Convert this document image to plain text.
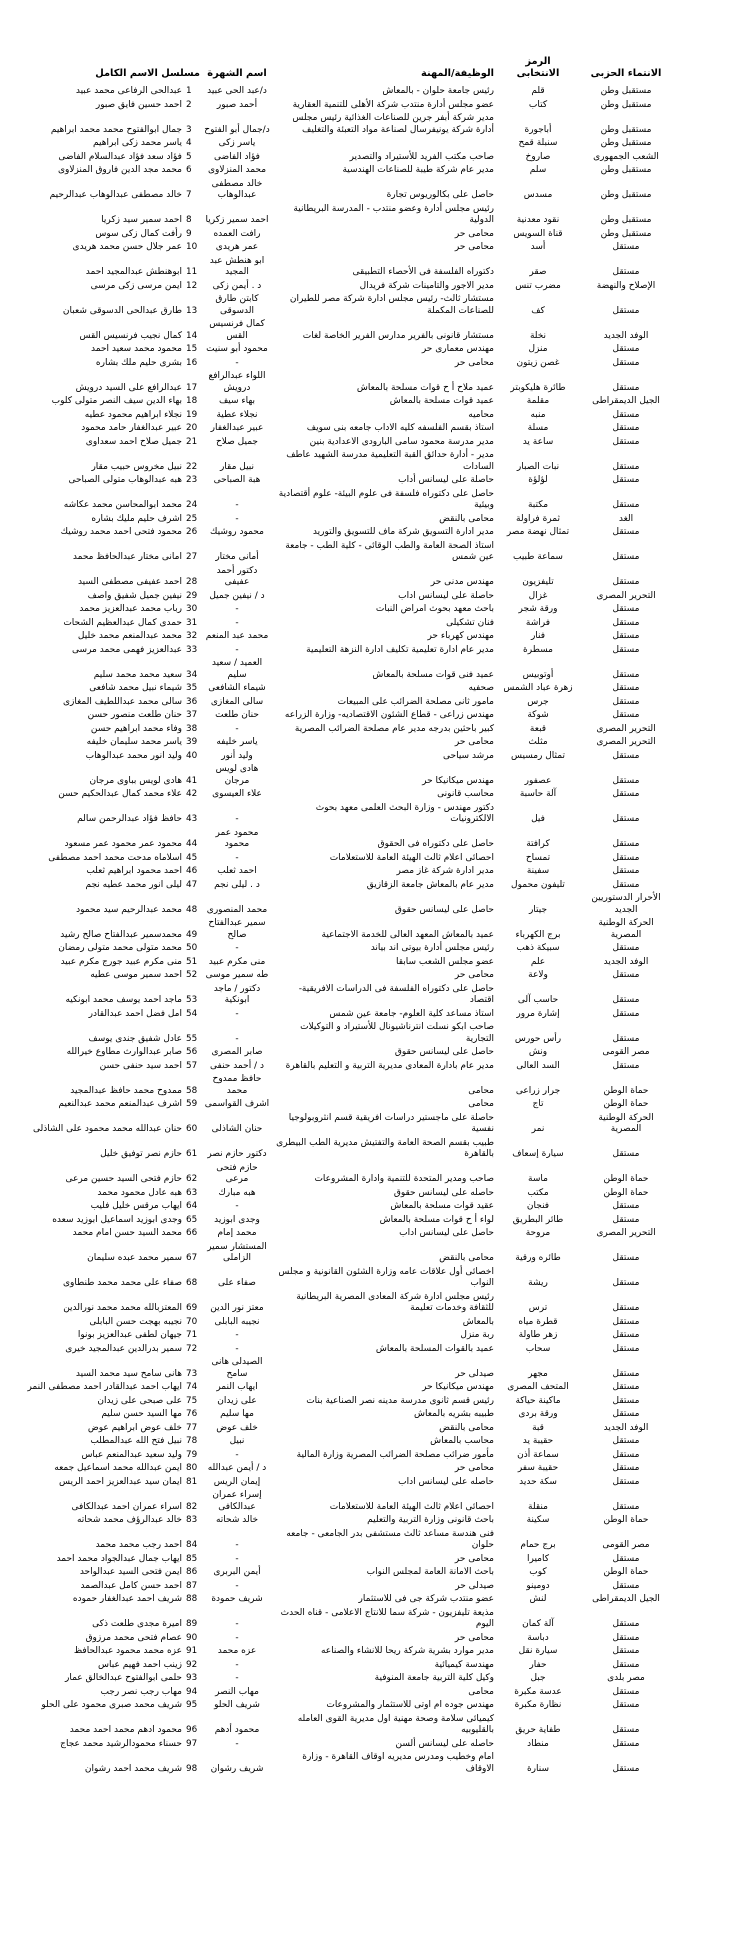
الانتماء الحزبى
الرمز
الانتخابى
الوظيفة/المهنة
اسم الشهرة
مسلسل الاسم الكامل
مستقبل وطن
قلم
رئيس جامعة حلوان - بالمعاش
د/عبد الحى عبيد
1
عبدالحى الرفاعى محمد عبيد
مستقبل وطن
كتاب
عضو مجلس أدارة منتدب شركة الأهلى للتنمية العقارية
أحمد صبور
2
احمد حسين فايق صبور
مستقبل وطن
أباجورة
مدير شركة أبفر جرين للصناعات الغذائية رئيس مجلس أدارة شركة يونيفرسال لصناعة مواد التعبئة والتغليف
د/جمال أبو الفتوح
3
جمال ابوالفتوح محمد محمد ابراهيم
مستقبل وطن
سنبلة قمح
ياسر زكى
4
ياسر محمد زكى ابراهيم
الشعب الجمهورى
صاروخ
صاحب مكتب الفريد للأستيراد والتصدير
فؤاد الفاضى
5
فؤاد سعد فؤاد عبدالسلام الفاضى
مستقبل وطن
سلم
مدير عام شركة طيبة للصناعات الهندسية
محمد المنزلاوى
6
محمد مجد الدين فاروق المنزلاوى
مستقبل وطن
مسدس
حاصل على بكالوريوس تجارة
خالد مصطفى عبدالوهاب
7
خالد مصطفى عبدالوهاب عبدالرحيم
مستقبل وطن
نقود معدنية
رئيس مجلس أدارة وعضو منتدب - المدرسة البريطانية الدولية
احمد سمير زكريا
8
احمد سمير سيد زكريا
مستقبل وطن
قناة السويس
محامى حر
رافت العمده
9
رأفت كمال زكى سوس
مستقل
أسد
محامى حر
عمر هريدى
10
عمر جلال حسن محمد هريدى
مستقل
صقر
دكتوراه الفلسفة فى الأحصاء التطبيقى
ابو هنطش عبد المجيد
11
ابوهنطش عبدالمجيد احمد
الإصلاح والنهضة
مضرب تنس
مدير الاجور والتامينات شركة فريدال
د . أيمن زكى
12
ايمن مرسى زكى مرسى
مستقل
كف
مستشار ثالث- رئيس مجلس ادارة شركة مصر للطيران للصناعات المكملة
كابتن طارق الدسوقى
13
طارق عبدالحى الدسوقى شعبان
الوفد الجديد
نخلة
مستشار قانونى بالفرير مدارس الفرير الخاصة لغات
كمال فرنسيس القس
14
كمال نجيب فرنسيس القس
مستقل
منزل
مهندس معمارى حر
محمود أبو سنيت
15
محمود محمد سعيد احمد
مستقل
غصن زيتون
محامى حر
-
16
بشرى حليم ملك بشاره
مستقل
طائرة هليكوبتر
عميد ملاح أ ح قوات مسلحة بالمعاش
اللواء عبدالرافع درويش
17
عبدالرافع على السيد درويش
الجيل الديمقراطى
مقلمة
عميد قوات مسلحة بالمعاش
بهاء سيف
18
بهاء الدين سيف النصر متولى كلوب
مستقل
منبه
محاميه
نجلاء عطية
19
نجلاء ابراهيم محمود عطيه
مستقل
مسلة
استاذ بقسم الفلسفه كليه الاداب جامعه بنى سويف
عبير عبدالغفار
20
عبير عبدالغفار حامد محمود
مستقل
ساعة يد
مدير مدرسة محمود سامى البارودى الاعدادية بنين
جميل صلاح
21
جميل صلاح احمد سعداوى
مستقل
نبات الصبار
مدير - أدارة حدائق القبة التعليمية مدرسة الشهيد عاطف السادات
نبيل مقار
22
نبيل مخروس حبيب مقار
مستقل
لؤلؤة
حاصلة على ليسانس أداب
هبة الصباحى
23
هبه عبدالوهاب متولى الصباحى
مستقل
مكتبة
حاصل على دكتوراه فلسفة فى علوم البيئة- علوم أقتصادية وبيئية
-
24
محمد ابوالمحاسن محمد عكاشه
الغد
ثمرة فراولة
محامى بالنقض
-
25
اشرف حليم مليك بشاره
مستقل
تمثال نهضة مصر
مدير ادارة التسويق شركة ماف للتسويق والتوريد
محمود روشيك
26
محمود فتحى احمد محمد روشيك
مستقل
سماعة طبيب
استاذ الصحة العامة والطب الوقائى - كلية الطب - جامعة عين شمس
أمانى مختار
27
امانى مختار عبدالحافظ محمد
مستقل
تليفزيون
مهندس مدنى حر
دكتور أحمد عفيفى
28
احمد عفيفى مصطفى السيد
التحرير المصرى
غزال
حاصلة على ليسانس اداب
د / نيفين جميل
29
نيفين جميل شفيق واصف
مستقل
ورقة شجر
باحث معهد بحوث امراض النبات
-
30
رباب محمد عبدالعزيز محمد
مستقل
فراشة
فنان تشكيلى
-
31
حمدى كمال عبدالعظيم الشحات
مستقل
فنار
مهندس كهرباء حر
محمد عبد المنعم
32
محمد عبدالمنعم محمد خليل
مستقل
مسطرة
مدير عام ادارة تعليمية تكليف ادارة النزهة التعليمية
-
33
عبدالعزيز فهمى محمد مرسى
مستقل
أوتوبيس
عميد فنى قوات مسلحة بالمعاش
العميد / سعيد سليم
34
سعيد محمد محمد سليم
مستقل
زهرة عباد الشمس
صحفيه
شيماء الشافعى
35
شيماء نبيل محمد شافعى
مستقل
جرس
مامور ثانى مصلحة الضرائب على المبيعات
سالى المغازى
36
سالى محمد عبداللطيف المغازى
مستقل
شوكة
مهندس زراعى - قطاع الشئون الاقتصاديه- وزارة الزراعه
حنان طلعت
37
حنان طلعت منصور حسن
التحرير المصرى
قبعة
كبير باحثين بدرجه مدير عام مصلحة الضرائب المصرية
-
38
وفاء محمد ابراهيم حسن
التحرير المصرى
مثلث
محامى حر
ياسر خليفه
39
ياسر محمد سليمان خليفه
مستقل
تمثال رمسيس
مرشد سياحى
وليد أنور
40
وليد انور محمد عبدالوهاب
مستقل
عصفور
مهندس ميكانيكا حر
هادى لويس مرجان
41
هادى لويس بباوى مرجان
مستقل
آلة حاسبة
محاسب قانونى
علاء العيسوى
42
علاء محمد كمال عبدالحكيم حسن
مستقل
فيل
دكتور مهندس - وزارة البحث العلمى معهد بحوث الالكترونيات
-
43
حافظ فؤاد عبدالرحمن سالم
مستقل
كرافتة
حاصل على دكتوراه فى الحقوق
محمود عمر محمود
44
محمود عمر محمود عمر مسعود
مستقل
تمساح
احصائى اعلام ثالث الهيئة العامة للاستعلامات
-
45
اسلاماه مدحت محمد احمد مصطفى
مستقل
سفينة
مدير ادارة شركة غاز مصر
احمد ثعلب
46
احمد محمود ابراهيم ثعلب
مستقل
تليفون محمول
مدير عام بالمعاش جامعة الزقازيق
د . ليلى نجم
47
ليلى انور محمد عطيه نجم
الأحرار الدستوريين الجديد
جيتار
حاصل على ليسانس حقوق
محمد المنصورى
48
محمد عبدالرحيم سيد محمود
الحركة الوطنية المصرية
برج الكهرباء
عميد بالمعاش المعهد العالى للخدمة الاجتماعية
سمير عبدالفتاح صالح
49
محمدسمير عبدالفتاح صالح رشيد
مستقل
سبيكة ذهب
رئيس مجلس أدارة بيوتى اند بياند
-
50
محمد متولى محمد متولى رمضان
الوفد الجديد
علم
عضو مجلس الشعب سابقا
منى مكرم عبيد
51
منى مكرم عبيد جورج مكرم عبيد
مستقل
ولاعة
محامى حر
طه سمير موسى
52
احمد سمير موسى عطيه
مستقل
حاسب آلى
حاصل على دكتوراه الفلسفة فى الدراسات الافريقية- اقتصاد
دكتور / ماجد ابونكية
53
ماجد احمد يوسف محمد ابونكيه
مستقل
إشارة مرور
استاذ مساعد كلية العلوم- جامعة عين شمس
-
54
امل فضل احمد عبدالقادر
مستقل
رأس حورس
صاحب ابكو نسلت انترناشيونال للأستيراد و التوكيلات التجارية
-
55
عادل شفيق جندى يوسف
مصر القومى
ونش
حاصل على ليسانس حقوق
صابر المصرى
56
صابر عبدالوارث مطاوع خيرالله
مستقل
السد العالى
مدير عام بادارة المعادى مديرية التربية و التعليم بالقاهرة
د / أحمد حنفى
57
احمد سيد حنفى حسن
حماة الوطن
جرار زراعى
محامى
حافظ ممدوح محمد
58
ممدوح محمد حافظ عبدالمجيد
حماة الوطن
تاج
محامى
اشرف القواسمى
59
اشرف عبدالمنعم محمد عبدالنعيم
الحركة الوطنية المصرية
نمر
حاصلة على ماجستير دراسات افريقية قسم انثروبولوجيا نفسية
حنان الشاذلى
60
حنان عبدالله محمد محمود على الشاذلى
مستقل
سيارة إسعاف
طبيب بقسم الصحة العامة والتفتيش مديرية الطب البيطرى بالقاهرة
دكتور حازم نصر
61
حازم نصر توفيق خليل
حماة الوطن
ماسة
صاحب ومدير المتحدة للتنمية وادارة المشروعات
حازم فتحى مرعى
62
حازم فتحى السيد حسين مرعى
حماة الوطن
مكتب
حاصله على ليسانس حقوق
هبه مبارك
63
هبه عادل محمود محمد
مستقل
فنجان
عقيد قوات مسلحة بالمعاش
-
64
ايهاب مرقس خليل فليب
مستقل
طائر البطريق
لواء أ ح قوات مسلحة بالمعاش
وجدى ابوزيد
65
وجدى ابوزيد اسماعيل ابوزيد سعده
التحرير المصرى
مروحة
حاصل على ليسانس اداب
محمد إمام
66
محمد السيد حسن امام محمد
مستقل
طائره ورقية
محامى بالنقض
المستشار سمير الزاملى
67
سمير محمد عبده سليمان
مستقل
ريشة
اخصائى أول علاقات عامه وزارة الشئون القانونية و مجلس النواب
صفاء على
68
صفاء على محمد محمد طنطاوى
مستقل
ترس
رئيس مجلس ادارة شركة المعادى المصرية البريطانية للثقافة وخدمات تعليمة
معتز نور الدين
69
المعتزبالله محمد محمد نورالدين
مستقل
قطرة مياه
بالمعاش
نجيبه البابلى
70
نجيبه بهجت حسن البابلى
مستقل
زهر طاولة
ربة منزل
-
71
جيهان لطفى عبدالعزيز بونوا
مستقل
سحاب
عميد بالقوات المسلحة بالمعاش
-
72
سمير بدرالدين عبدالمجيد خيرى
مستقل
مجهر
صيدلى حر
الصيدلى هانى سامح
73
هانى سامح سيد محمد السيد
مستقل
المتحف المصرى
مهندس ميكانيكا حر
ايهاب النمر
74
ايهاب احمد عبدالقادر احمد مصطفى النمر
مستقل
ماكينة حياكة
رئيس قسم ثانوى مدرسة مدينه نصر الصناعية بنات
على زيدان
75
على صبحى على زيدان
مستقل
ورقة بردى
طبيبه بشريه بالمعاش
مها سليم
76
مها السيد حسن سليم
الوفد الجديد
قبة
محامى بالنقض
خلف عوض
77
خلف عوض ابراهيم عوض
مستقل
حقيبة يد
محاسب بالمعاش
نبيل
78
نبيل فتح الله عبدالمطلب
مستقل
سماعة أذن
مأمور ضرائب مصلحة الضرائب المصرية وزارة المالية
-
79
وليد سعيد عبدالمنعم عباس
مستقل
حقيبة سفر
محامى حر
د / أيمن عبدالله
80
ايمن عبدالله محمد اسماعيل جمعه
مستقل
سكة حديد
حاصله على ليسانس اداب
إيمان الريس
81
ايمان سيد عبدالعزيز احمد الريس
مستقل
منقلة
احصائى اعلام ثالث الهيئة العامة للاستعلامات
إسراء عمران عبدالكافى
82
اسراء عمران احمد عبدالكافى
حماة الوطن
سكينة
باحث قانونى وزارة التربية والتعليم
خالد شحاته
83
خالد عبدالرؤف محمد شحاته
مصر القومى
برج حمام
فنى هندسة مساعد ثالث مستشفى بدر الجامعى - جامعه حلوان
-
84
احمد رجب محمد محمد
مستقل
كاميرا
محامى حر
-
85
ايهاب جمال عبدالجواد محمد احمد
حماة الوطن
كوب
باحث الامانة العامة لمجلس النواب
أيمن البربرى
86
ايمن فتحى السيد عبدالواحد
مستقل
دومينو
صيدلى حر
-
87
احمد حسن كامل عبدالصمد
الجيل الديمقراطى
لنش
عضو منتدب شركة جى فى للاستثمار
شريف حمودة
88
شريف احمد عبدالغفار حموده
مستقل
آلة كمان
مذيعة تليفزيون - شركة سما للانتاج الاعلامى - قناه الحدث اليوم
-
89
اميرة مجدى طلعت ذكى
مستقل
دباسة
محامى حر
-
90
عصام فتحى محمد مرزوق
مستقل
سيارة نقل
مدير موارد بشرية شركة ريحا للانشاء والصناعه
عزه محمد
91
عزه محمد محمود عبدالحافظ
مستقل
حفار
مهندسة كيميائية
-
92
زينب احمد فهيم عباس
مصر بلدى
جبل
وكيل كلية التربية جامعة المنوفية
-
93
حلمى ابوالفتوح عبدالخالق عمار
مستقل
عدسة مكبرة
محامى
مهاب النصر
94
مهاب رجب نصر رجب
مستقل
نظارة مكبرة
مهندس جوده ام اوتى للاستثمار والمشروعات
شريف الحلو
95
شريف محمد صبرى محمود على الحلو
مستقل
طفاية حريق
كيميائى سلامة وصحة مهنية اول مديرية القوى العامله بالقليوبيه
محمود أدهم
96
محمود ادهم محمد احمد محمد
مستقل
منطاد
حاصله على ليسانس ألسن
-
97
حسناء محمودالرشيد محمد عجاج
مستقل
سنارة
امام وخطيب ومدرس مديريه اوقاف القاهرة - وزارة الاوقاف
شريف رشوان
98
شريف محمد احمد رشوان
